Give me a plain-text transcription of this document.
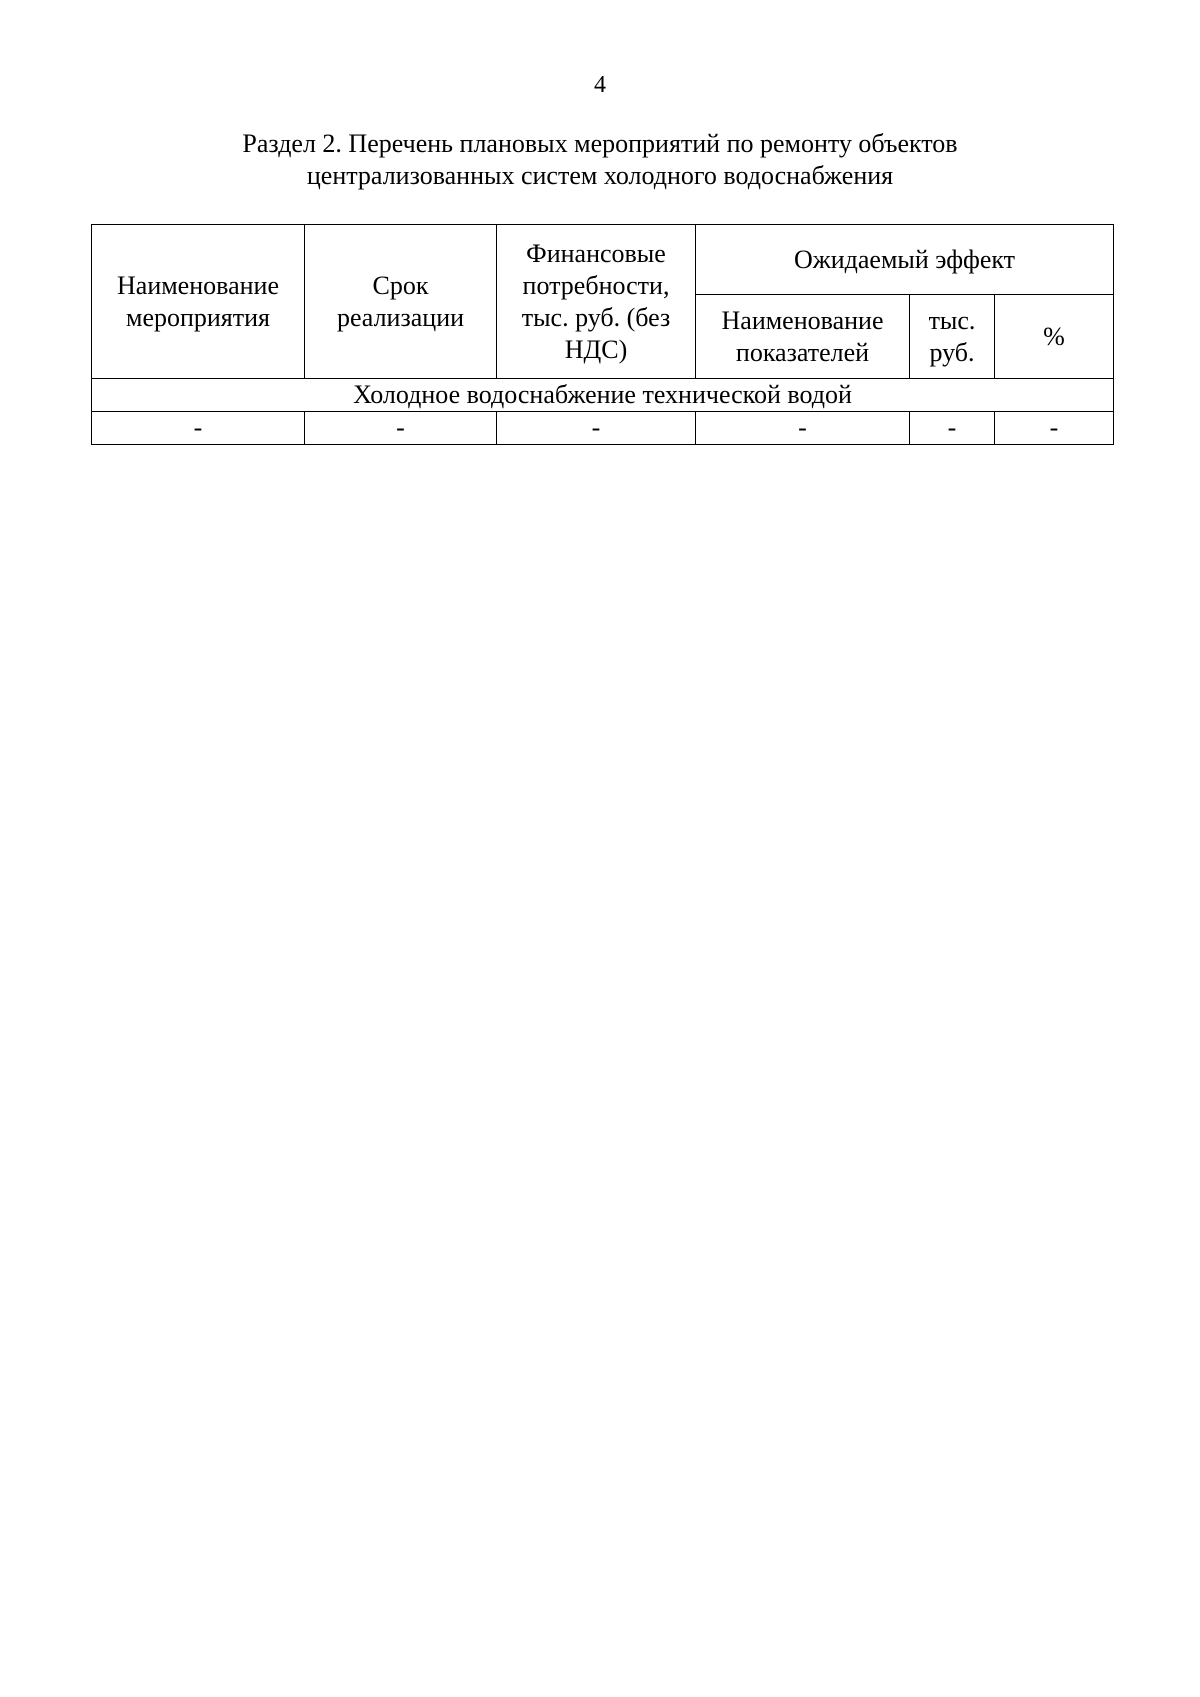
4
Раздел 2. Перечень плановых мероприятий по ремонту объектов
централизованных систем холодного водоснабжения
Наименование мероприятия	Срок реализации	Финансовые потребности, тыс. руб. (без НДС)	Ожидаемый эффект		
			Наименование показателей	тыс. руб.	%
Холодное водоснабжение технической водой					
-	-	-	-	-	-
